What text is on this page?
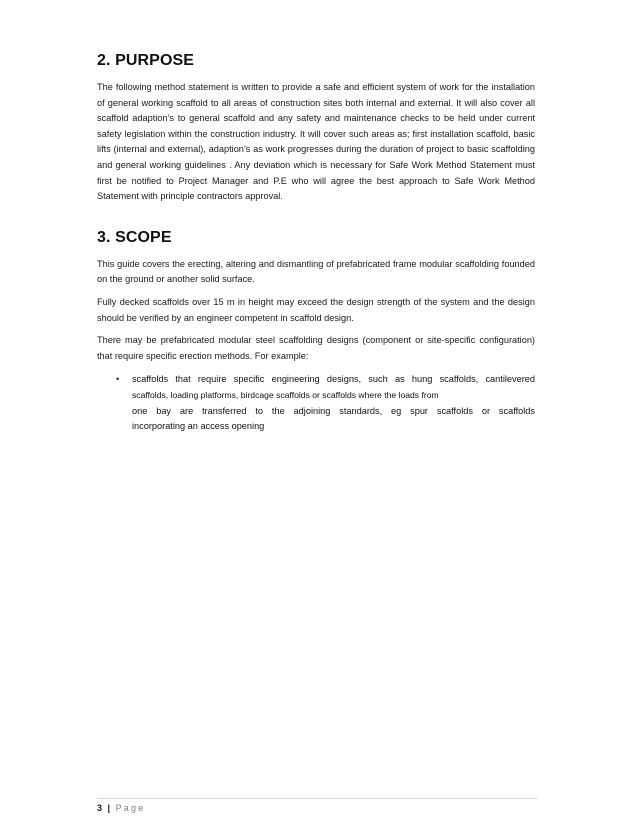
2. PURPOSE

The following method statement is written to provide a safe and efficient system of work for the installation of general working scaffold to all areas of construction sites both internal and external. It will also cover all scaffold adaption’s to general scaffold and any safety and maintenance checks to be held under current safety legislation within the construction industry. It will cover such areas as; first installation scaffold, basic lifts (internal and external), adaption’s as work progresses during the duration of project to basic scaffolding and general working guidelines . Any deviation which is necessary for Safe Work Method Statement must first be notified to Project Manager and P.E who will agree the best approach to Safe Work Method Statement with principle contractors approval.

3. SCOPE

This guide covers the erecting, altering and dismantling of prefabricated frame modular scaffolding founded on the ground or another solid surface.

Fully decked scaffolds over 15 m in height may exceed the design strength of the system and the design should be verified by an engineer competent in scaffold design.

There may be prefabricated modular steel scaffolding designs (component or site-specific configuration) that require specific erection methods. For example:

• scaffolds that require specific engineering designs, such as hung scaffolds, cantilevered
scaffolds, loading platforms, birdcage scaffolds or scaffolds where the loads from
one bay are transferred to the adjoining standards, eg spur scaffolds or scaffolds
incorporating an access opening
3 | Page
